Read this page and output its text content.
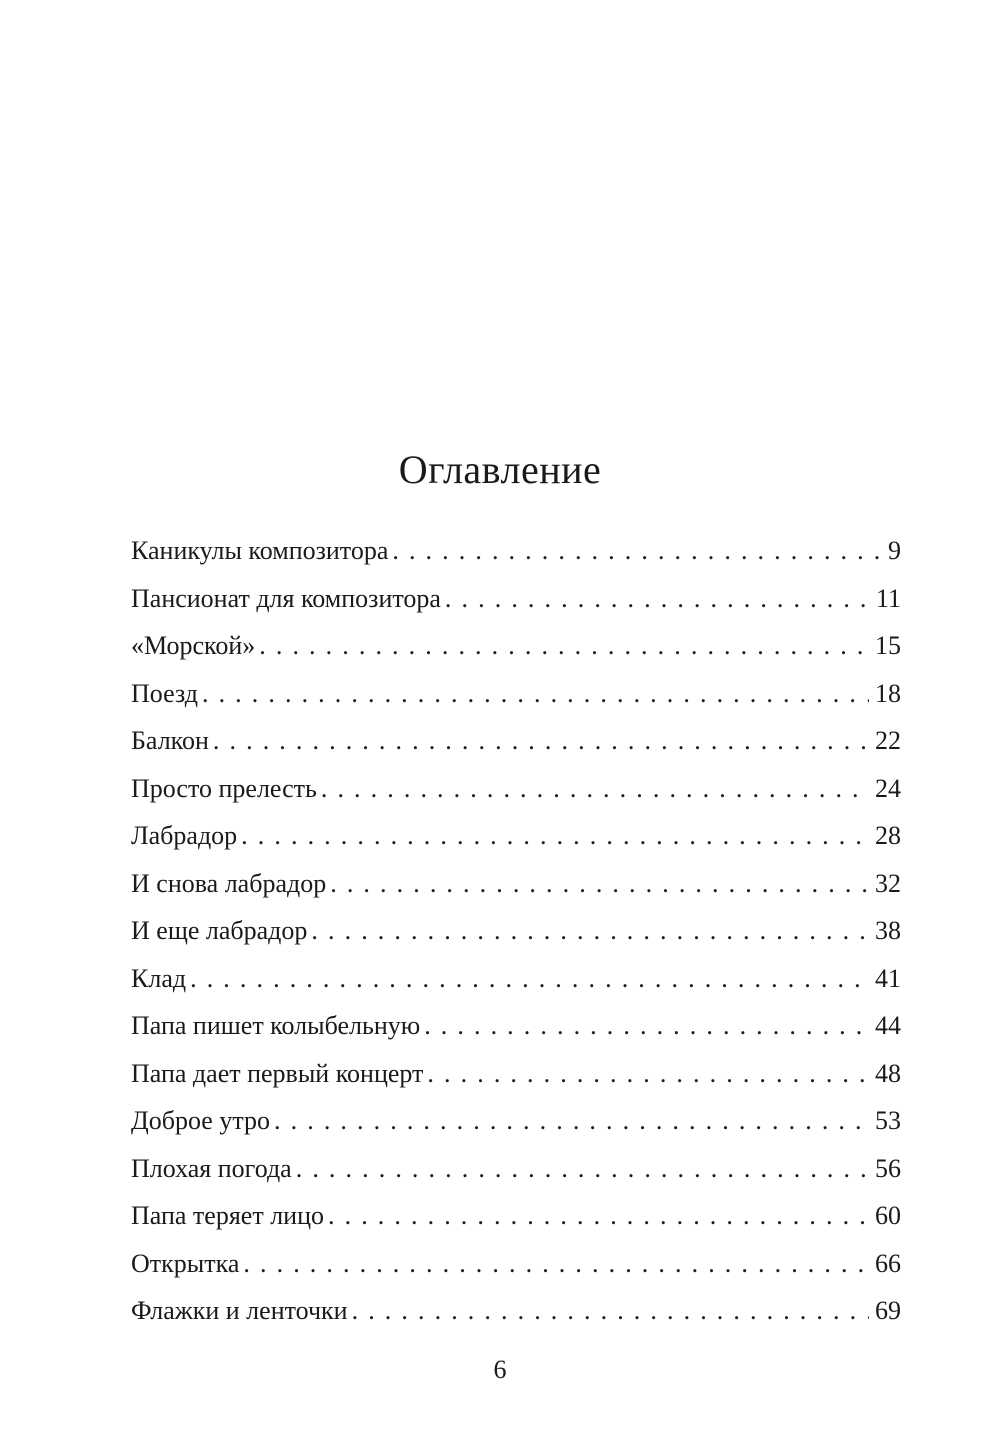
Оглавление
Каникулы композитора . . .	9
Пансионат для композитора . . .	11
«Морской» . . .	15
Поезд . . .	18
Балкон . . .	22
Просто прелесть . . .	24
Лабрадор . . .	28
И снова лабрадор . . .	32
И еще лабрадор . . .	38
Клад . . .	41
Папа пишет колыбельную . . .	44
Папа дает первый концерт . . .	48
Доброе утро . . .	53
Плохая погода . . .	56
Папа теряет лицо . . .	60
Открытка . . .	66
Флажки и ленточки . . .	69
6
